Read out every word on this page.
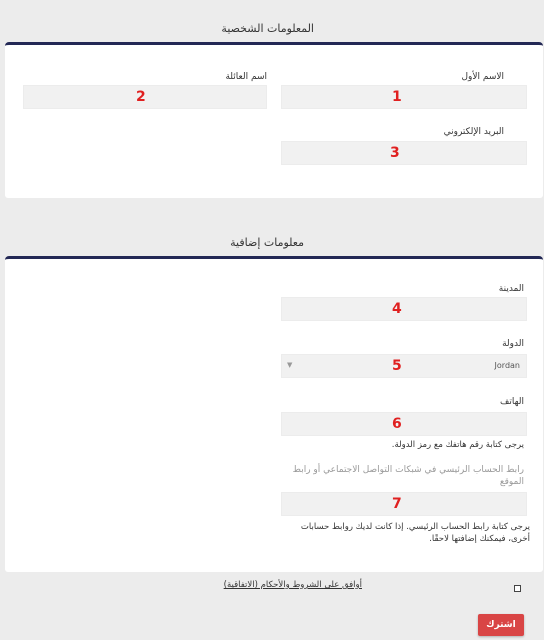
المعلومات الشخصية
الاسم الأول
1
اسم العائلة
2
البريد الإلكتروني
3
معلومات إضافية
المدينة
4
الدولة
▼	5	Jordan
الهاتف
6
يرجى كتابة رقم هاتفك مع رمز الدولة.
رابط الحساب الرئيسي في شبكات التواصل الاجتماعي أو رابط الموقع
7
يرجى كتابة رابط الحساب الرئيسي. إذا كانت لديك روابط حسابات أخرى، فيمكنك إضافتها لاحقًا.
أوافق على الشروط والأحكام (الاتفاقية)
اشترك
